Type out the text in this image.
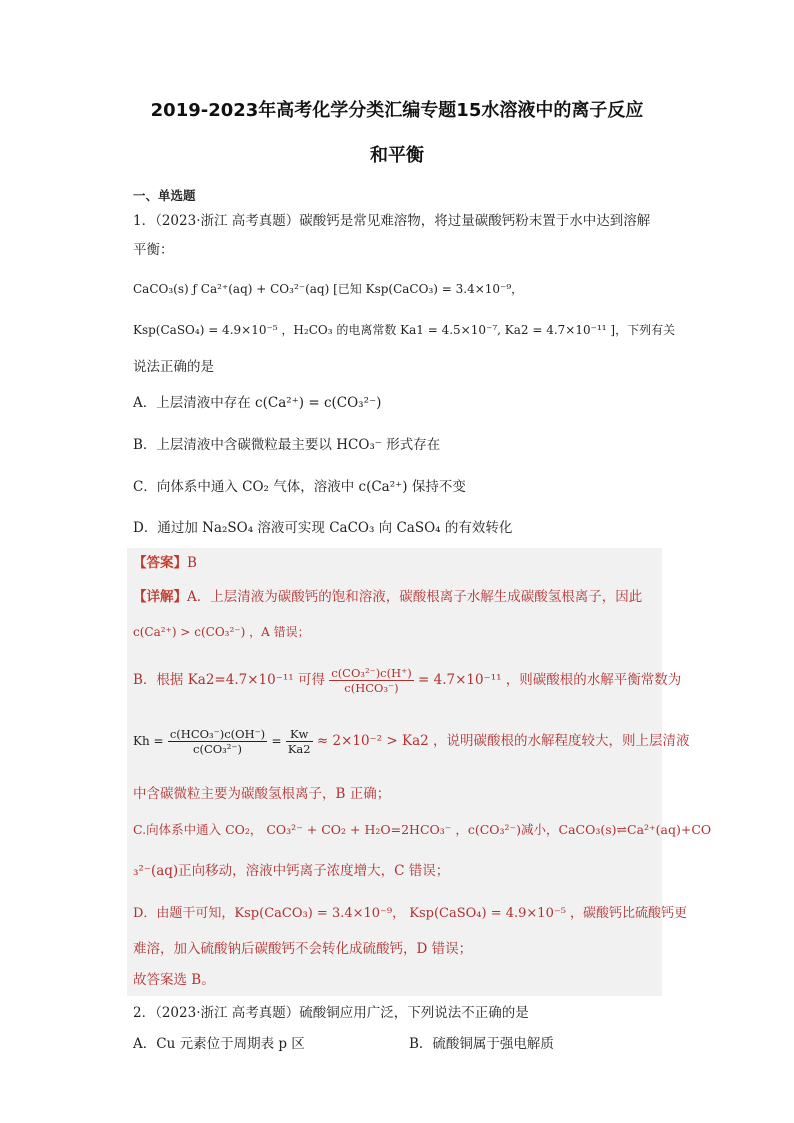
2019-2023年高考化学分类汇编专题15水溶液中的离子反应
和平衡
一、单选题
1．（2023·浙江 高考真题）碳酸钙是常见难溶物，将过量碳酸钙粉末置于水中达到溶解
平衡：
CaCO₃(s) ƒ Ca²⁺(aq) + CO₃²⁻(aq) [已知 Ksp(CaCO₃) = 3.4×10⁻⁹，
Ksp(CaSO₄) = 4.9×10⁻⁵ ，H₂CO₃ 的电离常数 Ka1 = 4.5×10⁻⁷, Ka2 = 4.7×10⁻¹¹ ]，下列有关
说法正确的是
A．上层清液中存在 c(Ca²⁺) = c(CO₃²⁻)
B．上层清液中含碳微粒最主要以 HCO₃⁻ 形式存在
C．向体系中通入 CO₂ 气体，溶液中 c(Ca²⁺) 保持不变
D．通过加 Na₂SO₄ 溶液可实现 CaCO₃ 向 CaSO₄ 的有效转化
【答案】B
【详解】A．上层清液为碳酸钙的饱和溶液，碳酸根离子水解生成碳酸氢根离子，因此
c(Ca²⁺) > c(CO₃²⁻) ，A 错误；
B．根据 Ka2=4.7×10⁻¹¹ 可得 $\frac{\text{c(CO₃²⁻)c(H⁺)}}{\text{c(HCO₃⁻)}} = 4.7\times 10^{-11}$ ，则碳酸根的水解平衡常数为
$Kh = \frac{\text{c(HCO₃⁻)c(OH⁻)}}{\text{c(CO₃²⁻)}} = \frac{Kw}{Ka2} \approx 2\times 10^{-2} > Ka2$ ，说明碳酸根的水解程度较大，则上层清液
中含碳微粒主要为碳酸氢根离子，B 正确；
C.向体系中通入 CO₂， CO₃²⁻ + CO₂ + H₂O=2HCO₃⁻ ，c(CO₃²⁻)减小，CaCO₃(s)⇌Ca²⁺(aq)+CO
₃²⁻(aq)正向移动，溶液中钙离子浓度增大，C 错误；
D．由题干可知，Ksp(CaCO₃) = 3.4×10⁻⁹， Ksp(CaSO₄) = 4.9×10⁻⁵ ，碳酸钙比硫酸钙更
难溶，加入硫酸钠后碳酸钙不会转化成硫酸钙，D 错误；
故答案选 B。
2．（2023·浙江 高考真题）硫酸铜应用广泛，下列说法不正确的是
A．Cu 元素位于周期表 p 区	B．硫酸铜属于强电解质
